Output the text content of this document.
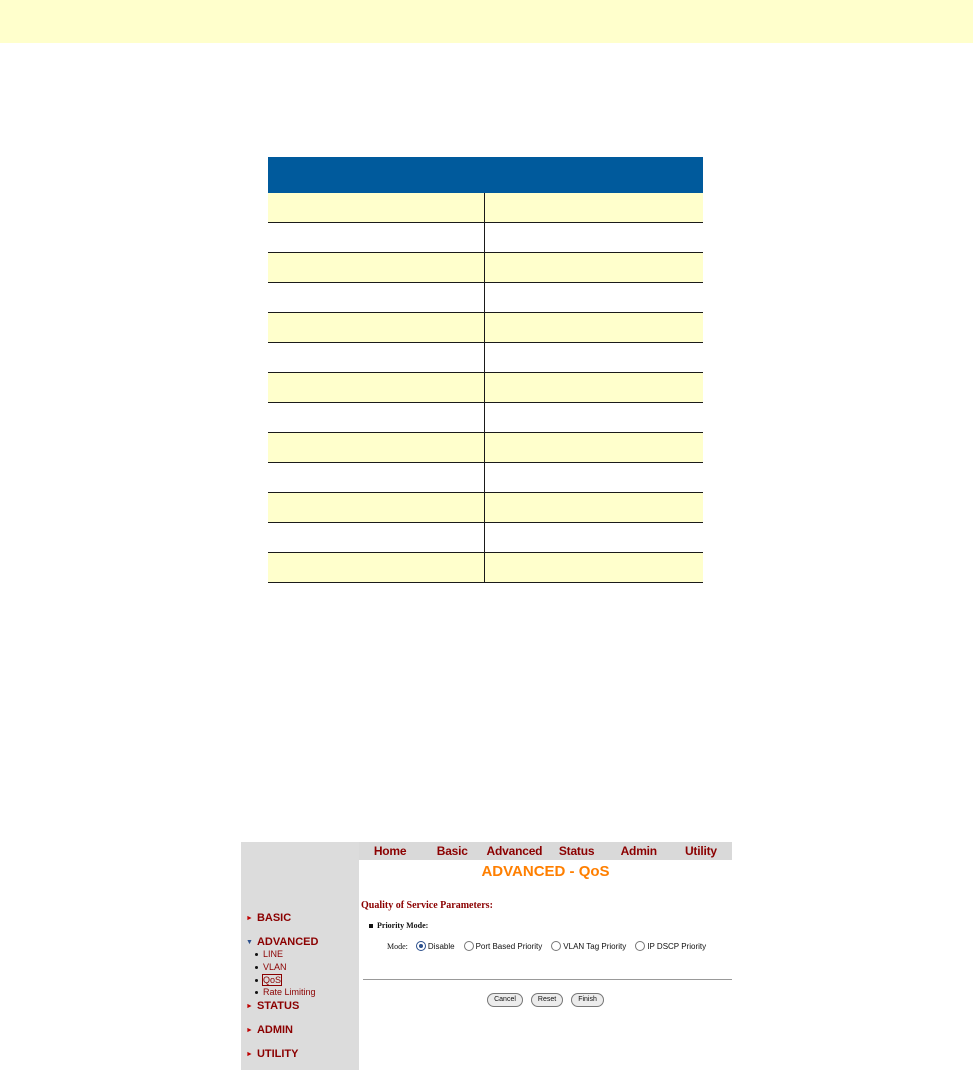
► BASIC
▼ ADVANCED
LINE
VLAN
QoS
Rate Limiting
► STATUS
► ADMIN
► UTILITY
Home	Basic	Advanced	Status	Admin	Utility
ADVANCED - QoS
Quality of Service Parameters:
Priority Mode:
Mode:	Disable	Port Based Priority	VLAN Tag Priority	IP DSCP Priority
Cancel	Reset	Finish
